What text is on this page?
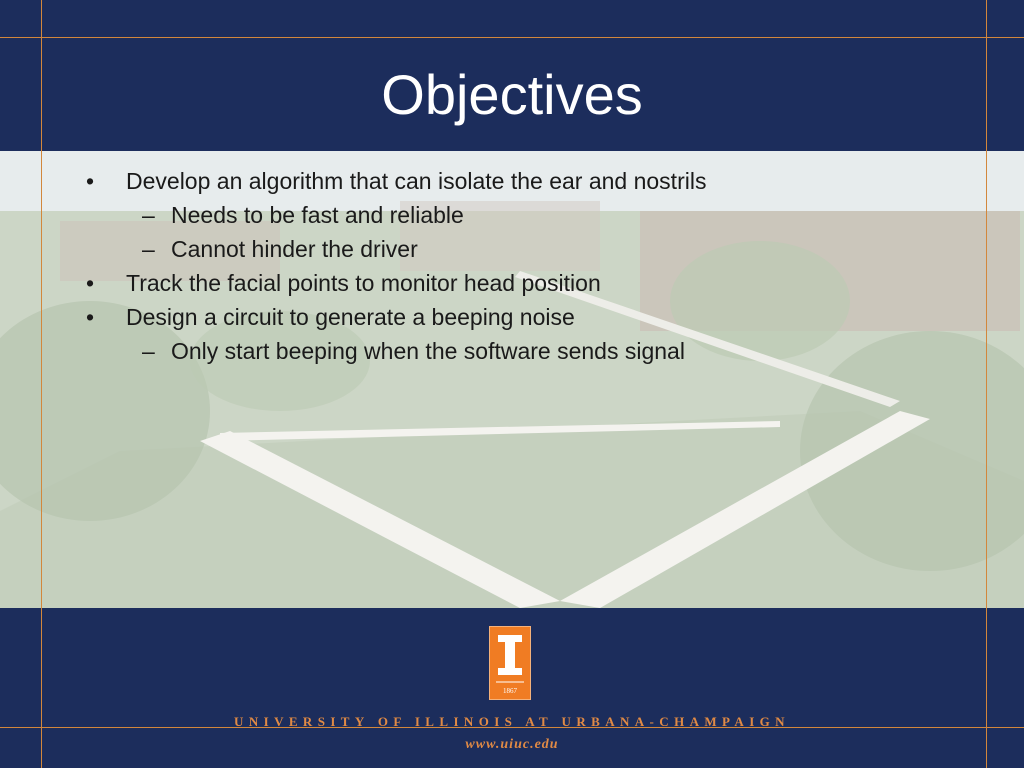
Objectives
• Develop an algorithm that can isolate the ear and nostrils
– Needs to be fast and reliable
– Cannot hinder the driver
• Track the facial points to monitor head position
• Design a circuit to generate a beeping noise
– Only start beeping when the software sends signal
1867
UNIVERSITY OF ILLINOIS AT URBANA-CHAMPAIGN
www.uiuc.edu
